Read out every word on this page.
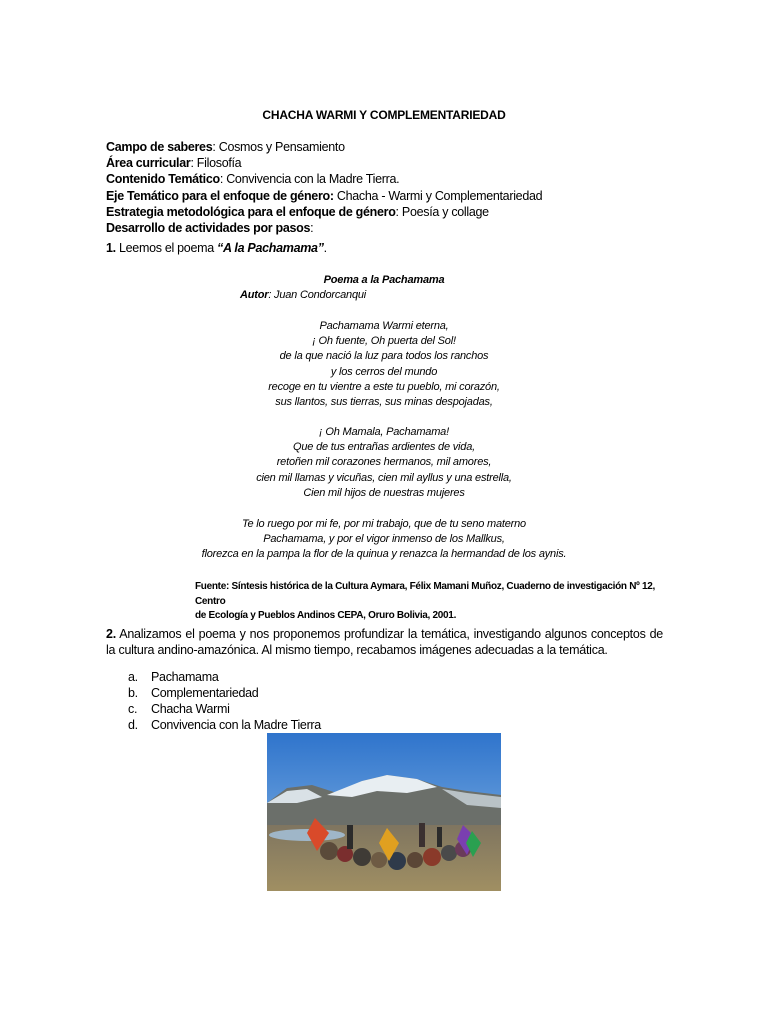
CHACHA WARMI Y COMPLEMENTARIEDAD
Campo de saberes: Cosmos y Pensamiento
Área curricular: Filosofía
Contenido Temático: Convivencia con la Madre Tierra.
Eje Temático para el enfoque de género: Chacha - Warmi y Complementariedad
Estrategia metodológica para el enfoque de género: Poesía y collage
Desarrollo de actividades por pasos:
1. Leemos el poema “A la Pachamama”.
Poema a la Pachamama
Autor: Juan Condorcanqui
Pachamama Warmi eterna,
¡ Oh fuente, Oh puerta del Sol!
de la que nació la luz para todos los ranchos
y los cerros del mundo
recoge en tu vientre a este tu pueblo, mi corazón,
sus llantos, sus tierras, sus minas despojadas,
¡ Oh Mamala, Pachamama!
Que de tus entrañas ardientes de vida,
retoñen mil corazones hermanos, mil amores,
cien mil llamas y vicuñas, cien mil ayllus y una estrella,
Cien mil hijos de nuestras mujeres
Te lo ruego por mi fe, por mi trabajo, que de tu seno materno
Pachamama, y por el vigor inmenso de los Mallkus,
florezca en la pampa la flor de la quinua y renazca la hermandad de los aynis.
Fuente: Síntesis histórica de la Cultura Aymara, Félix Mamani Muñoz, Cuaderno de investigación Nº 12, Centro
de Ecología y Pueblos Andinos CEPA, Oruro Bolivia, 2001.
2. Analizamos el poema y nos proponemos profundizar la temática, investigando algunos conceptos de la cultura andino-amazónica. Al mismo tiempo, recabamos imágenes adecuadas a la temática.
a. Pachamama
b. Complementariedad
c. Chacha Warmi
d. Convivencia con la Madre Tierra
